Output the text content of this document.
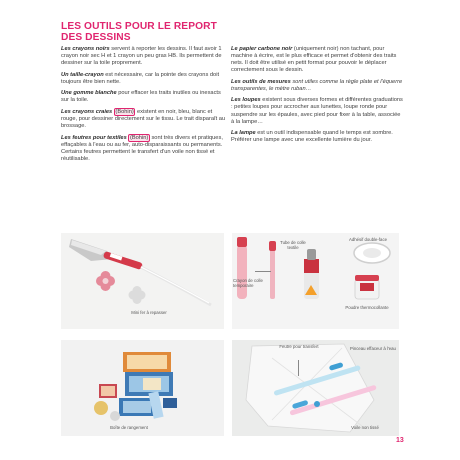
LES OUTILS POUR LE REPORT
DES DESSINS

Les crayons noirs servent à reporter les dessins. Il faut avoir 1 crayon noir sec H et 1 crayon un peu gras HB. Ils permettent de dessiner sur la toile proprement.

Un taille-crayon est nécessaire, car la pointe des crayons doit toujours être bien nette.

Une gomme blanche pour effacer les traits inutiles ou inexacts sur la toile.

Les crayons craies (Bohin) existent en noir, bleu, blanc et rouge, pour dessiner directement sur le tissu. Le trait disparaît au brossage.

Les feutres pour textiles (Bohin) sont très divers et pratiques, effaçables à l'eau ou au fer, auto-disparaissants ou permanents. Certains feutres permettent le transfert d'un voile non tissé et réutilisable.

Le papier carbone noir (uniquement noir) non tachant, pour machine à écrire, est le plus efficace et permet d'obtenir des traits nets. Il doit être utilisé en petit format pour pouvoir le déplacer correctement sous le dessin.

Les outils de mesures sont utiles comme la règle plate et l'équerre transparentes, le mètre ruban…

Les loupes existent sous diverses formes et différentes graduations : petites loupes pour accrocher aux lunettes, loupe ronde pour suspendre sur les épaules, avec pied pour fixer à la table, associée à la lampe…

La lampe est un outil indispensable quand le temps est sombre. Préférer une lampe avec une excellente lumière du jour.

Mini fer à repasser
Tube de colle textile
Adhésif double-face
Crayon de colle temporaire
Poudre thermocollante
Boîte de rangement
Feutre pour transfert	Pinceau effaceur à l'eau
Voile non tissé
13
